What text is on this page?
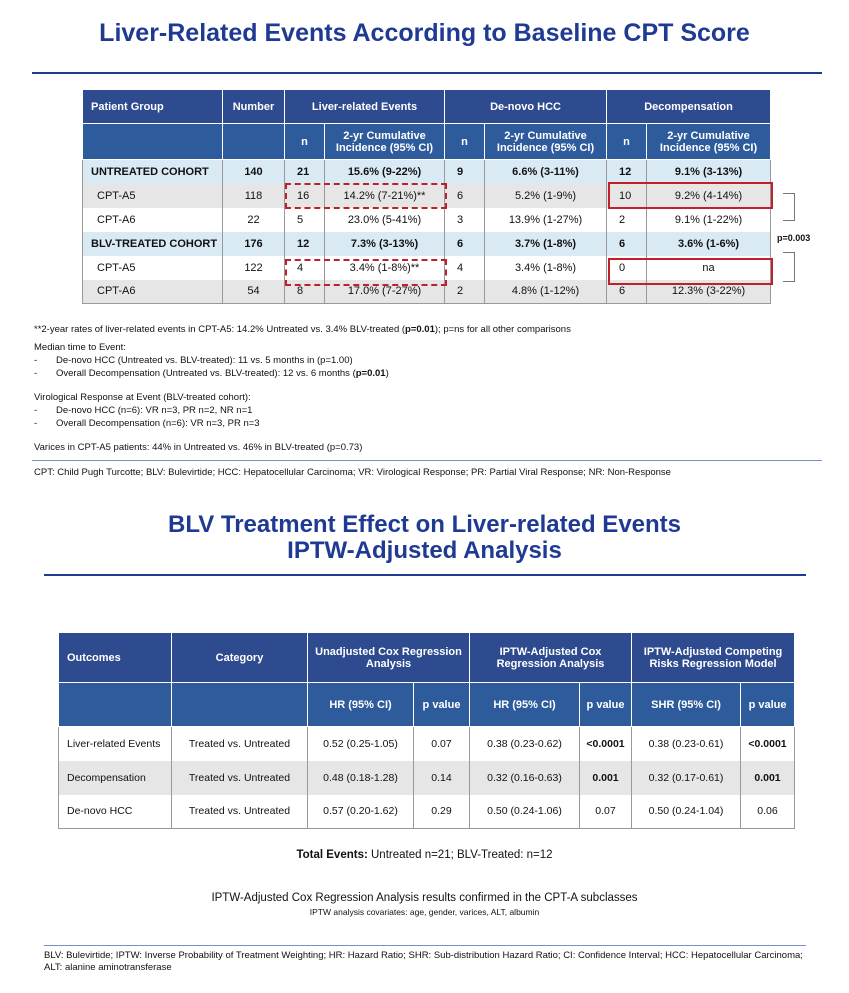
Liver-Related Events According to Baseline CPT Score
Patient Group	Number	Liver-related Events		De-novo HCC		Decompensation	
		n	2-yr Cumulative Incidence (95% CI)	n	2-yr Cumulative Incidence (95% CI)	n	2-yr Cumulative Incidence (95% CI)
UNTREATED COHORT	140	21	15.6% (9-22%)	9	6.6% (3-11%)	12	9.1% (3-13%)
CPT-A5	118	16	14.2% (7-21%)**	6	5.2% (1-9%)	10	9.2% (4-14%)
CPT-A6	22	5	23.0% (5-41%)	3	13.9% (1-27%)	2	9.1% (1-22%)
BLV-TREATED COHORT	176	12	7.3% (3-13%)	6	3.7% (1-8%)	6	3.6% (1-6%)
CPT-A5	122	4	3.4% (1-8%)**	4	3.4% (1-8%)	0	na
CPT-A6	54	8	17.0% (7-27%)	2	4.8% (1-12%)	6	12.3% (3-22%)
p=0.003
**2-year rates of liver-related events in CPT-A5: 14.2% Untreated vs. 3.4% BLV-treated (p=0.01); p=ns for all other comparisons
Median time to Event:
- De-novo HCC (Untreated vs. BLV-treated): 11 vs. 5 months in (p=1.00)
- Overall Decompensation (Untreated vs. BLV-treated): 12 vs. 6 months (p=0.01)
Virological Response at Event (BLV-treated cohort):
- De-novo HCC (n=6): VR n=3, PR n=2, NR n=1
- Overall Decompensation (n=6): VR n=3, PR n=3
Varices in CPT-A5 patients: 44% in Untreated vs. 46% in BLV-treated (p=0.73)
CPT: Child Pugh Turcotte; BLV: Bulevirtide; HCC: Hepatocellular Carcinoma; VR: Virological Response; PR: Partial Viral Response; NR: Non-Response
BLV Treatment Effect on Liver-related Events
IPTW-Adjusted Analysis
Outcomes	Category	Unadjusted Cox Regression Analysis		IPTW-Adjusted Cox Regression Analysis		IPTW-Adjusted Competing Risks Regression Model	
		HR (95% CI)	p value	HR (95% CI)	p value	SHR (95% CI)	p value
Liver-related Events	Treated vs. Untreated	0.52 (0.25-1.05)	0.07	0.38 (0.23-0.62)	<0.0001	0.38 (0.23-0.61)	<0.0001
Decompensation	Treated vs. Untreated	0.48 (0.18-1.28)	0.14	0.32 (0.16-0.63)	0.001	0.32 (0.17-0.61)	0.001
De-novo HCC	Treated vs. Untreated	0.57 (0.20-1.62)	0.29	0.50 (0.24-1.06)	0.07	0.50 (0.24-1.04)	0.06
Total Events: Untreated n=21; BLV-Treated: n=12
IPTW-Adjusted Cox Regression Analysis results confirmed in the CPT-A subclasses
IPTW analysis covariates: age, gender, varices, ALT, albumin
BLV: Bulevirtide; IPTW: Inverse Probability of Treatment Weighting; HR: Hazard Ratio; SHR: Sub-distribution Hazard Ratio; CI: Confidence Interval; HCC: Hepatocellular Carcinoma; ALT: alanine aminotransferase
